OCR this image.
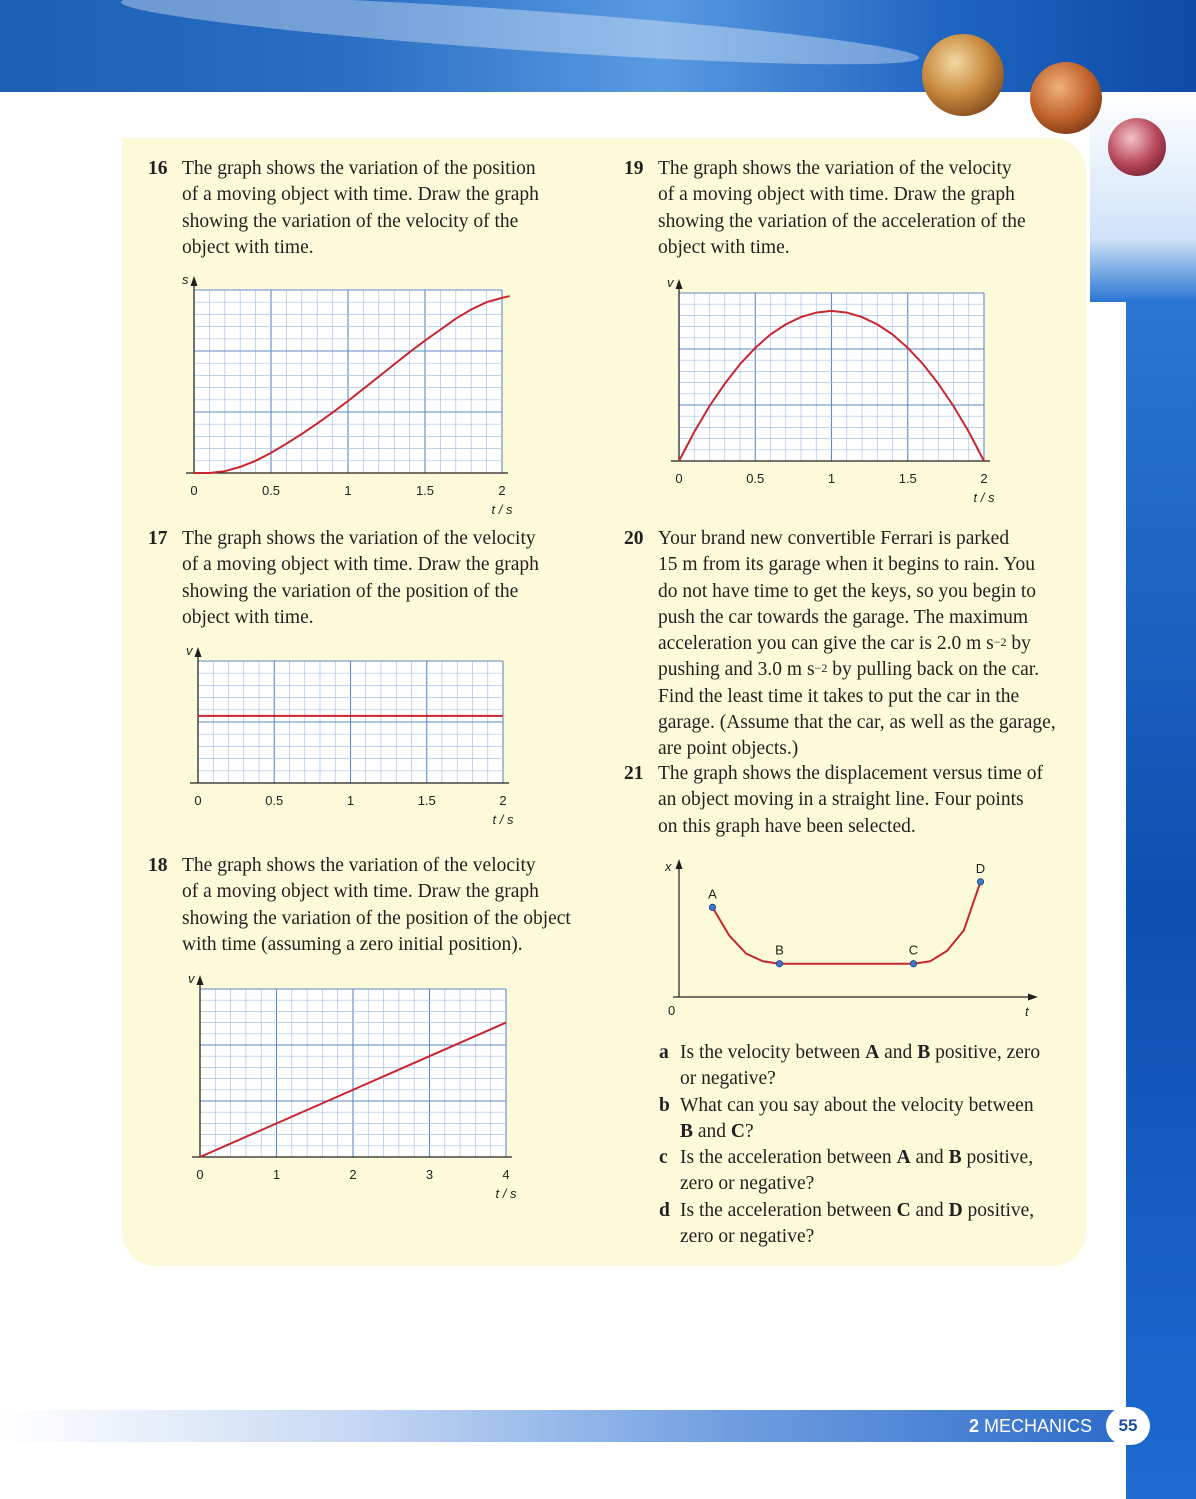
16 The graph shows the variation of the position
of a moving object with time. Draw the graph
showing the variation of the velocity of the
object with time.
s
0	0.5	1	1.5	2
t / s
17 The graph shows the variation of the velocity
of a moving object with time. Draw the graph
showing the variation of the position of the
object with time.
v
0	0.5	1	1.5	2
t / s
18 The graph shows the variation of the velocity
of a moving object with time. Draw the graph
showing the variation of the position of the object
with time (assuming a zero initial position).
v
0	1	2	3	4
t / s
19 The graph shows the variation of the velocity
of a moving object with time. Draw the graph
showing the variation of the acceleration of the
object with time.
v
0	0.5	1	1.5	2
t / s
20 Your brand new convertible Ferrari is parked
15 m from its garage when it begins to rain. You
do not have time to get the keys, so you begin to
push the car towards the garage. The maximum
acceleration you can give the car is 2.0 m $s^{-2}$ by
pushing and 3.0 m $s^{-2}$ by pulling back on the car.
Find the least time it takes to put the car in the
garage. (Assume that the car, as well as the garage,
are point objects.)
21 The graph shows the displacement versus time of
an object moving in a straight line. Four points
on this graph have been selected.
x
t
0
A
B	C
D
a Is the velocity between A and B positive, zero
or negative?
b What can you say about the velocity between
B and C?
c Is the acceleration between A and B positive,
zero or negative?
d Is the acceleration between C and D positive,
zero or negative?
2 MECHANICS	55
